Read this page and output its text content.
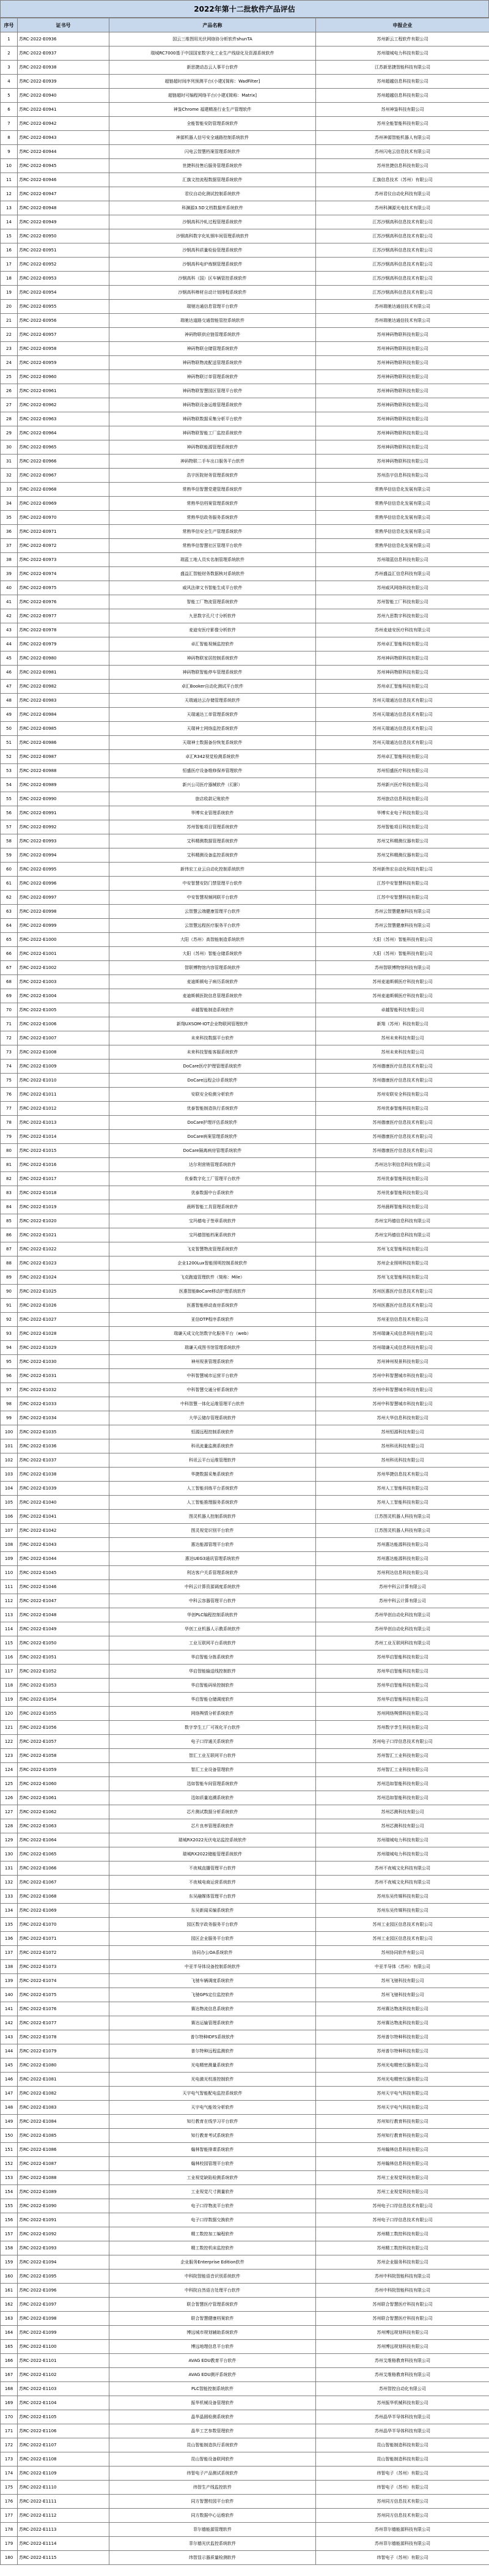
2022年第十二批软件产品评估
序号	证书号	产品名称	申报企业
1	苏RC-2022-E0936	国云三维图用光伏网络协分析软件shunTA	苏州新云工程软件有限公司
2	苏RC-2022-E0937	瑞城RC7000基于中国国家数字化工业生产线绿化及资源系统软件	苏州瑞城电力科技有限公司
3	苏RC-2022-E0938	新思捷动态云人事平台软件	江苏新思捷智能科技有限公司
4	苏RC-2022-E0939	超链超时间序列预测平台(小建)[简称：WadFilter]	苏州超越信息科技有限公司
5	苏RC-2022-E0940	超链超时可编程网络平台(小建)[简称：Matrix]	苏州超越信息科技有限公司
6	苏RC-2022-E0941	神鉴Chrome 福建精准行业生产管理软件	苏州神鉴科技有限公司
7	苏RC-2022-E0942	全能智能安防管理系统软件	苏州全能智能科技有限公司
8	苏RC-2022-E0943	神源机器人信号安全通路控制系统软件	苏州神源智能机器人有限公司
9	苏RC-2022-E0944	闪电云智慧档案管理系统软件	苏州闪电云信息技术有限公司
10	苏RC-2022-E0945	世捷科技售后服务管理系统软件	苏州世捷信息科技有限公司
11	苏RC-2022-E0946	汇旗文控流程数据管理系统软件	汇旗信息技术（苏州）有限公司
12	苏RC-2022-E0947	君仪自动化测试控制系统软件	苏州君仪自动化科技有限公司
13	苏RC-2022-E0948	科渊源3.5D文档数据库系统软件	苏州科渊源光电技术有限公司
14	苏RC-2022-E0949	沙钢高科冷轧过程管理系统软件	江苏沙钢高科信息技术有限公司
15	苏RC-2022-E0950	沙钢高科数字化轧钢车间管理系统软件	江苏沙钢高科信息技术有限公司
16	苏RC-2022-E0951	沙钢高科质量检验管理系统软件	江苏沙钢高科信息技术有限公司
17	苏RC-2022-E0952	沙钢高科电炉炼钢管理系统软件	江苏沙钢高科信息技术有限公司
18	苏RC-2022-E0953	沙钢高科（国）区车辆管控系统软件	江苏沙钢高科信息技术有限公司
19	苏RC-2022-E0954	沙钢高科棒材自动计划排程系统软件	江苏沙钢高科信息技术有限公司
20	苏RC-2022-E0955	瑞驰达通信息管理平台软件	苏州瑞驰达通信技术有限公司
21	苏RC-2022-E0956	瑞驰达道路交通智能管控系统软件	苏州瑞驰达通信技术有限公司
22	苏RC-2022-E0957	神码物联供应链管理系统软件	苏州神码物联科技有限公司
23	苏RC-2022-E0958	神码物联仓储管理系统软件	苏州神码物联科技有限公司
24	苏RC-2022-E0959	神码物联物流配送管理系统软件	苏州神码物联科技有限公司
25	苏RC-2022-E0960	神码物联订单管理系统软件	苏州神码物联科技有限公司
26	苏RC-2022-E0961	神码物联智慧园区管理平台软件	苏州神码物联科技有限公司
27	苏RC-2022-E0962	神码物联设备运维管理系统软件	苏州神码物联科技有限公司
28	苏RC-2022-E0963	神码物联数据采集分析平台软件	苏州神码物联科技有限公司
29	苏RC-2022-E0964	神码物联智能工厂监控系统软件	苏州神码物联科技有限公司
30	苏RC-2022-E0965	神码物联能源管理系统软件	苏州神码物联科技有限公司
31	苏RC-2022-E0966	神码物联二手车出口服务平台软件	苏州神码物联科技有限公司
32	苏RC-2022-E0967	浩宇医院财务管理系统软件	苏州浩宇信息科技有限公司
33	苏RC-2022-E0968	常熟华信智慧党建管理系统软件	常熟华信信息化发展有限公司
34	苏RC-2022-E0969	常熟华信档案管理系统软件	常熟华信信息化发展有限公司
35	苏RC-2022-E0970	常熟华信政务服务系统软件	常熟华信信息化发展有限公司
36	苏RC-2022-E0971	常熟华信安全生产管理系统软件	常熟华信信息化发展有限公司
37	苏RC-2022-E0972	常熟华信智慧社区管理平台软件	常熟华信信息化发展有限公司
38	苏RC-2022-E0973	瑞蓝工地人员实名制管理系统软件	苏州瑞蓝信息科技有限公司
39	苏RC-2022-E0974	盛益汇智能财务数据核对系统软件	苏州盛益汇信息科技有限公司
40	苏RC-2022-E0975	威风法律文书智能生成平台软件	苏州威风网络科技有限公司
41	苏RC-2022-E0976	智能工厂物流管理系统软件	苏州智能工厂科技有限公司
42	苏RC-2022-E0977	九思数字孔尺寸分析软件	苏州九思数字科技有限公司
43	苏RC-2022-E0978	麦迪安医疗影像分析软件	苏州麦迪安医疗科技有限公司
44	苏RC-2022-E0979	卓汇智能视频监控软件	苏州卓汇智能科技有限公司
45	苏RC-2022-E0980	神码物联家居控制系统软件	苏州神码物联科技有限公司
46	苏RC-2022-E0981	神码物联智能停车管理系统软件	苏州神码物联科技有限公司
47	苏RC-2022-E0982	卓汇Booker自动化测试平台软件	苏州卓汇智能科技有限公司
48	苏RC-2022-E0983	天瑞通达云存储管理系统软件	苏州天瑞通达信息技术有限公司
49	苏RC-2022-E0984	天瑞通达工单管理系统软件	苏州天瑞通达信息技术有限公司
50	苏RC-2022-E0985	天瑞神士网络监控系统软件	苏州天瑞通达信息技术有限公司
51	苏RC-2022-E0986	天瑞神士数据备份恢复系统软件	苏州天瑞通达信息技术有限公司
52	苏RC-2022-E0987	卓汇R342视觉检测系统软件	苏州卓汇智能科技有限公司
53	苏RC-2022-E0988	恒盛医疗设备维修保养管理软件	苏州恒盛医疗科技有限公司
54	苏RC-2022-E0989	新兴公司医疗器械软件（幻影）	苏州新兴医疗科技有限公司
55	苏RC-2022-E0990	旅店收款记账软件	苏州旅店信息科技有限公司
56	苏RC-2022-E0991	华博实业管理系统软件	华博实业电子科技有限公司
57	苏RC-2022-E0992	苏州智能项目管理系统软件	苏州智能项目科技有限公司
58	苏RC-2022-E0993	艾科精测数据管理系统软件	苏州艾科精测仪器有限公司
59	苏RC-2022-E0994	艾科精测设备监控系统软件	苏州艾科精测仪器有限公司
60	苏RC-2022-E0995	新伟宏工业云自动化控制系统软件	苏州新伟宏自动化科技有限公司
61	苏RC-2022-E0996	中安智慧安防门禁管理平台软件	江苏中安智慧科技有限公司
62	苏RC-2022-E0997	中安智慧视频网联平台软件	江苏中安智慧科技有限公司
63	苏RC-2022-E0998	云智慧云端健康管理平台软件	苏州云智慧健康科技有限公司
64	苏RC-2022-E0999	云智慧远程医疗服务平台软件	苏州云智慧健康科技有限公司
65	苏RC-2022-E1000	大阳（苏州）高智能制造系统软件	大阳（苏州）智能科技有限公司
66	苏RC-2022-E1001	大阳（苏州）智能仓储系统软件	大阳（苏州）智能科技有限公司
67	苏RC-2022-E1002	智联博物馆内容管理系统软件	苏州智联博物馆科技有限公司
68	苏RC-2022-E1003	麦迪斯顿电子病历系统软件	苏州麦迪斯顿医疗科技有限公司
69	苏RC-2022-E1004	麦迪斯顿医院信息管理系统软件	苏州麦迪斯顿医疗科技有限公司
70	苏RC-2022-E1005	卓越智能制造系统软件	卓越智能科技有限公司
71	苏RC-2022-E1006	新翔UXSOM-IOT企业物联网管理软件	新翔（苏州）科技有限公司
72	苏RC-2022-E1007	未来科技数据平台软件	苏州未来科技有限公司
73	苏RC-2022-E1008	未来科技智能客服系统软件	苏州未来科技有限公司
74	苏RC-2022-E1009	DoCare医疗护理管理系统软件	苏州德康医疗信息技术有限公司
75	苏RC-2022-E1010	DoCare远程会诊系统软件	苏州德康医疗信息技术有限公司
76	苏RC-2022-E1011	安联安全检测分析软件	苏州安联安全科技有限公司
77	苏RC-2022-E1012	优泰智能制造执行系统软件	苏州优泰智能科技有限公司
78	苏RC-2022-E1013	DoCare护理评估系统软件	苏州德康医疗信息技术有限公司
79	苏RC-2022-E1014	DoCare病案管理系统软件	苏州德康医疗信息技术有限公司
80	苏RC-2022-E1015	DoCare隔离病房管理系统软件	苏州德康医疗信息技术有限公司
81	苏RC-2022-E1016	达尔利营销管理系统软件	苏州达尔利信息科技有限公司
82	苏RC-2022-E1017	优泰数字化工厂管理平台软件	苏州优泰智能科技有限公司
83	苏RC-2022-E1018	优泰数据中台系统软件	苏州优泰智能科技有限公司
84	苏RC-2022-E1019	晨晖智能工具管理系统软件	苏州晨晖智能科技有限公司
85	苏RC-2022-E1020	宝玛德电子签章系统软件	苏州宝玛德信息科技有限公司
86	苏RC-2022-E1021	宝玛德智能档案系统软件	苏州宝玛德信息科技有限公司
87	苏RC-2022-E1022	飞克智慧物流管理系统软件	苏州飞克智能科技有限公司
88	苏RC-2022-E1023	企业1200Lux智能照明控制系统软件	苏州企业照明科技有限公司
89	苏RC-2022-E1024	飞克跑道管理软件（简称：Mile）	苏州飞克智能科技有限公司
90	苏RC-2022-E1025	医惠智能BoCare移动护理系统软件	苏州医惠医疗信息技术有限公司
91	苏RC-2022-E1026	医惠智能移动查房系统软件	苏州医惠医疗信息技术有限公司
92	苏RC-2022-E1027	亚信OTP程序系统软件	苏州亚信信息技术有限公司
93	苏RC-2022-E1028	瑞谦天成文化馆数字化服务平台（web）	苏州瑞谦天成信息科技有限公司
94	苏RC-2022-E1029	瑞谦天成图书馆管理系统软件	苏州瑞谦天成信息科技有限公司
95	苏RC-2022-E1030	神州视景管理系统软件	苏州神州视景科技有限公司
96	苏RC-2022-E1031	中科智慧城市运营平台软件	苏州中科智慧城市科技有限公司
97	苏RC-2022-E1032	中科智慧交通分析系统软件	苏州中科智慧城市科技有限公司
98	苏RC-2022-E1033	中科智慧一体化运维管理平台软件	苏州中科智慧城市科技有限公司
99	苏RC-2022-E1034	大华云储存管理系统软件	苏州大华信息科技有限公司
100	苏RC-2022-E1035	恒源远程控制系统软件	苏州恒源科技有限公司
101	苏RC-2022-E1036	科讯流量监测系统软件	苏州科讯科技有限公司
102	苏RC-2022-E1037	科讯云平台运维管理软件	苏州科讯科技有限公司
103	苏RC-2022-E1038	华捷数据采集系统软件	苏州华捷信息技术有限公司
104	苏RC-2022-E1039	人工智能训练平台系统软件	苏州人工智能科技有限公司
105	苏RC-2022-E1040	人工智能推理服务系统软件	苏州人工智能科技有限公司
106	苏RC-2022-E1041	图灵机器人控制系统软件	江苏图灵机器人科技有限公司
107	苏RC-2022-E1042	图灵视觉识别平台软件	江苏图灵机器人科技有限公司
108	苏RC-2022-E1043	惠达能源管理平台软件	苏州惠达能源科技有限公司
109	苏RC-2022-E1044	惠达UEG3通讯管理系统软件	苏州惠达能源科技有限公司
110	苏RC-2022-E1045	利达客户关系管理系统软件	苏州利达信息科技有限公司
111	苏RC-2022-E1046	中科云计算资源调度系统软件	苏州中科云计算有限公司
112	苏RC-2022-E1047	中科云容器管理平台软件	苏州中科云计算有限公司
113	苏RC-2022-E1048	华创PLC编程控制系统软件	苏州华创自动化科技有限公司
114	苏RC-2022-E1049	华创工业机器人示教系统软件	苏州华创自动化科技有限公司
115	苏RC-2022-E1050	工业互联网平台系统软件	苏州工业互联网科技有限公司
116	苏RC-2022-E1051	华启智能分拣系统软件	苏州华启智能科技有限公司
117	苏RC-2022-E1052	华启智能输送线控制软件	苏州华启智能科技有限公司
118	苏RC-2022-E1053	华启智能码垛控制软件	苏州华启智能科技有限公司
119	苏RC-2022-E1054	华启智能仓储调度软件	苏州华启智能科技有限公司
120	苏RC-2022-E1055	网络舆情分析系统软件	苏州网络舆情科技有限公司
121	苏RC-2022-E1056	数字孪生工厂可视化平台软件	苏州数字孪生科技有限公司
122	苏RC-2022-E1057	电子口岸通关系统软件	苏州电子口岸信息技术有限公司
123	苏RC-2022-E1058	智汇工业互联网平台软件	苏州智汇工业科技有限公司
124	苏RC-2022-E1059	智汇工业设备管理软件	苏州智汇工业科技有限公司
125	苏RC-2022-E1060	迅如智能车间管理系统软件	苏州迅如智能科技有限公司
126	苏RC-2022-E1061	迅如质量追溯系统软件	苏州迅如智能科技有限公司
127	苏RC-2022-E1062	芯片测试数据分析系统软件	苏州芯测科技有限公司
128	苏RC-2022-E1063	芯片良率管理系统软件	苏州芯测科技有限公司
129	苏RC-2022-E1064	瑞城RX2022光伏电站监控系统软件	苏州瑞城电力科技有限公司
130	苏RC-2022-E1065	瑞城RX2022储能管理系统软件	苏州瑞城电力科技有限公司
131	苏RC-2022-E1066	不夜城直播管理平台软件	苏州不夜城文化科技有限公司
132	苏RC-2022-E1067	不夜城电商运营系统软件	苏州不夜城文化科技有限公司
133	苏RC-2022-E1068	东吴融媒体管理平台软件	苏州东吴传媒科技有限公司
134	苏RC-2022-E1069	东吴新闻采编系统软件	苏州东吴传媒科技有限公司
135	苏RC-2022-E1070	园区数字政务服务平台软件	苏州工业园区信息技术有限公司
136	苏RC-2022-E1071	园区企业服务平台软件	苏州工业园区信息技术有限公司
137	苏RC-2022-E1072	协同办公OA系统软件	苏州协同软件有限公司
138	苏RC-2022-E1073	中亚半导体设备控制系统软件	中亚半导体（苏州）有限公司
139	苏RC-2022-E1074	飞驰车辆调度系统软件	苏州飞驰科技有限公司
140	苏RC-2022-E1075	飞驰GPS定位监控软件	苏州飞驰科技有限公司
141	苏RC-2022-E1076	赛达物流信息系统软件	苏州赛达物流科技有限公司
142	苏RC-2022-E1077	赛达运输管理系统软件	苏州赛达物流科技有限公司
143	苏RC-2022-E1078	普尔特种IDFS系统软件	苏州普尔特种科技有限公司
144	苏RC-2022-E1079	普尔特种远程监测软件	苏州普尔特种科技有限公司
145	苏RC-2022-E1080	光电精密测量系统软件	苏州光电精密仪器有限公司
146	苏RC-2022-E1081	光电激光校准控制软件	苏州光电精密仪器有限公司
147	苏RC-2022-E1082	天宇电气智能配电监控系统软件	苏州天宇电气科技有限公司
148	苏RC-2022-E1083	天宇电气能效分析软件	苏州天宇电气科技有限公司
149	苏RC-2022-E1084	知行教育在线学习平台软件	苏州知行教育科技有限公司
150	苏RC-2022-E1085	知行教育考试系统软件	苏州知行教育科技有限公司
151	苏RC-2022-E1086	翰林智能排课系统软件	苏州翰林信息科技有限公司
152	苏RC-2022-E1087	翰林校园管理平台软件	苏州翰林信息科技有限公司
153	苏RC-2022-E1088	工业视觉缺陷检测系统软件	苏州工业视觉科技有限公司
154	苏RC-2022-E1089	工业视觉尺寸测量软件	苏州工业视觉科技有限公司
155	苏RC-2022-E1090	电子口岸物流平台软件	苏州电子口岸信息技术有限公司
156	苏RC-2022-E1091	电子口岸数据交换软件	苏州电子口岸信息技术有限公司
157	苏RC-2022-E1092	精工数控加工编程软件	苏州精工数控科技有限公司
158	苏RC-2022-E1093	精工数控机床监控软件	苏州精工数控科技有限公司
159	苏RC-2022-E1094	企业服务Enterprise Edition软件	苏州企业服务科技有限公司
160	苏RC-2022-E1095	中科院智能语音识别系统软件	苏州中科院智能科技有限公司
161	苏RC-2022-E1096	中科院自然语言处理平台软件	苏州中科院智能科技有限公司
162	苏RC-2022-E1097	联合智慧医疗管理系统软件	苏州联合智慧医疗科技有限公司
163	苏RC-2022-E1098	联合智慧健康档案软件	苏州联合智慧医疗科技有限公司
164	苏RC-2022-E1099	博远城市规划辅助系统软件	苏州博远规划科技有限公司
165	苏RC-2022-E1100	博远地理信息平台软件	苏州博远规划科技有限公司
166	苏RC-2022-E1101	AVAG EDU教育平台软件	苏州艾维格教育科技有限公司
167	苏RC-2022-E1102	AVAG EDU测评系统软件	苏州艾维格教育科技有限公司
168	苏RC-2022-E1103	PLC智能控制系统软件	苏州智控自动化有限公司
169	苏RC-2022-E1104	振华机械设备管理软件	苏州振华机械科技有限公司
170	苏RC-2022-E1105	晶华晶圆检测系统软件	苏州晶华半导体科技有限公司
171	苏RC-2022-E1106	晶华工艺参数管理软件	苏州晶华半导体科技有限公司
172	苏RC-2022-E1107	昆山智能制造执行系统软件	昆山智能制造科技有限公司
173	苏RC-2022-E1108	昆山智能设备联网软件	昆山智能制造科技有限公司
174	苏RC-2022-E1109	纬智电子产品测试系统软件	纬智电子（苏州）有限公司
175	苏RC-2022-E1110	纬智生产线监控软件	纬智电子（苏州）有限公司
176	苏RC-2022-E1111	同方智慧校园平台软件	苏州同方信息技术有限公司
177	苏RC-2022-E1112	同方数据中心运维软件	苏州同方信息技术有限公司
178	苏RC-2022-E1113	菲尔德能源管理软件	苏州菲尔德能源科技有限公司
179	苏RC-2022-E1114	菲尔德光伏监控系统软件	苏州菲尔德能源科技有限公司
180	苏RC-2022-E1115	纬智显示器质量检测软件	纬智电子（苏州）有限公司
